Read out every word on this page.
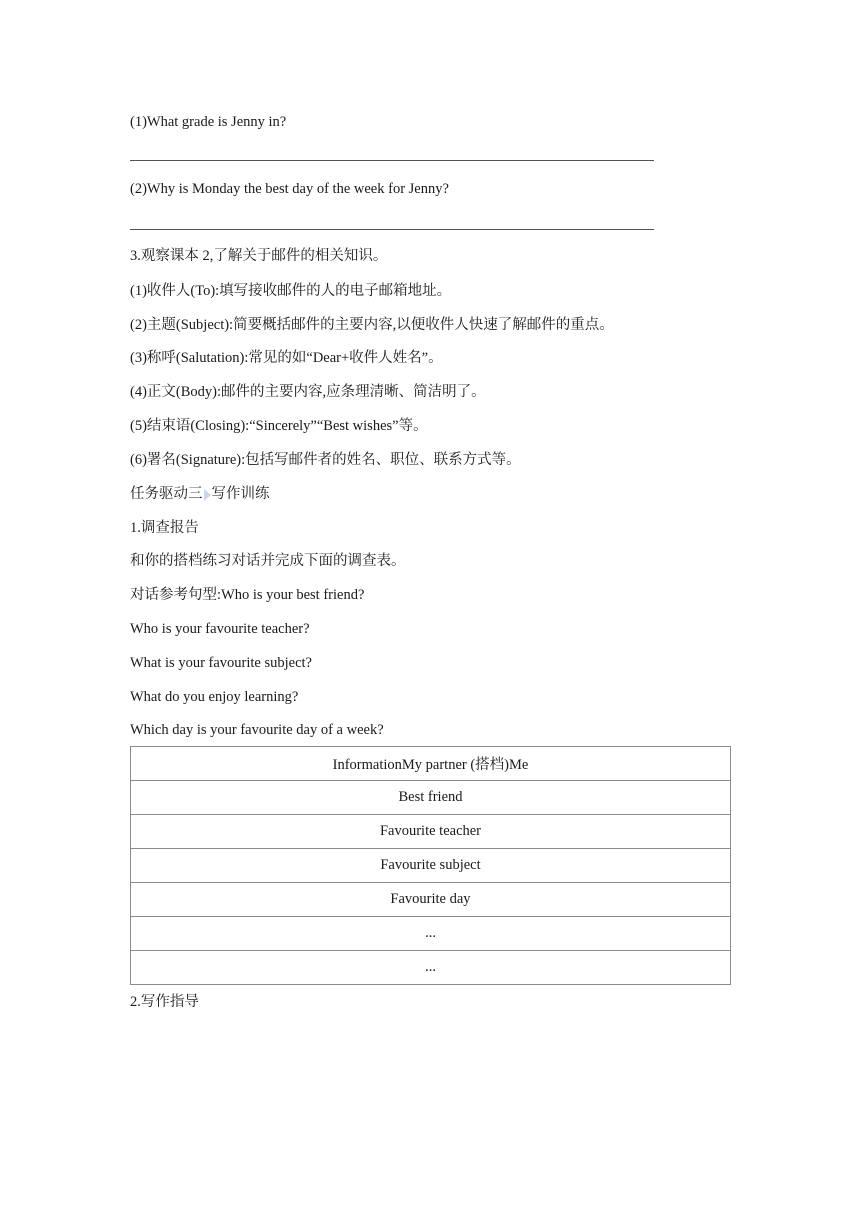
(1)What grade is Jenny in?
(2)Why is Monday the best day of the week for Jenny?
3.观察课本 2,了解关于邮件的相关知识。
(1)收件人(To):填写接收邮件的人的电子邮箱地址。
(2)主题(Subject):简要概括邮件的主要内容,以便收件人快速了解邮件的重点。
(3)称呼(Salutation):常见的如“Dear+收件人姓名”。
(4)正文(Body):邮件的主要内容,应条理清晰、简洁明了。
(5)结束语(Closing):“Sincerely”“Best wishes”等。
(6)署名(Signature):包括写邮件者的姓名、职位、联系方式等。
任务驱动三 写作训练
1.调查报告
和你的搭档练习对话并完成下面的调查表。
对话参考句型:Who is your best friend?
Who is your favourite teacher?
What is your favourite subject?
What do you enjoy learning?
Which day is your favourite day of a week?
InformationMy partner (搭档)Me
Best friend
Favourite teacher
Favourite subject
Favourite day
...
...
2.写作指导
